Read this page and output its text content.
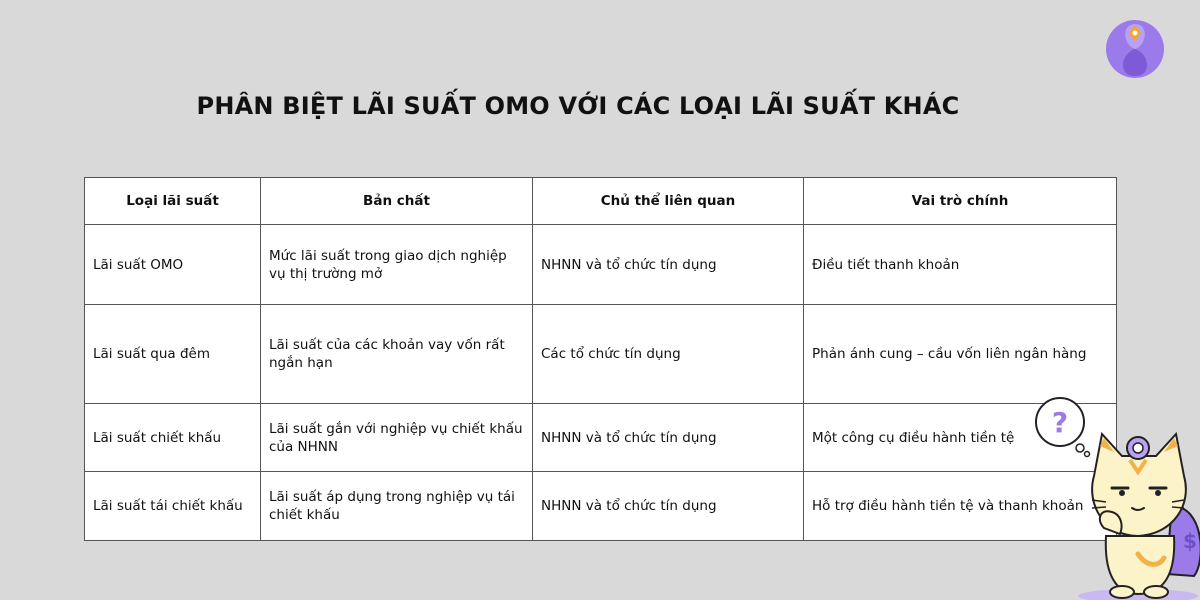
PHÂN BIỆT LÃI SUẤT OMO VỚI CÁC LOẠI LÃI SUẤT KHÁC
Loại lãi suất	Bản chất	Chủ thể liên quan	Vai trò chính
Lãi suất OMO	Mức lãi suất trong giao dịch nghiệp vụ thị trường mở	NHNN và tổ chức tín dụng	Điều tiết thanh khoản
Lãi suất qua đêm	Lãi suất của các khoản vay vốn rất ngắn hạn	Các tổ chức tín dụng	Phản ánh cung – cầu vốn liên ngân hàng
Lãi suất chiết khấu	Lãi suất gắn với nghiệp vụ chiết khấu của NHNN	NHNN và tổ chức tín dụng	Một công cụ điều hành tiền tệ
Lãi suất tái chiết khấu	Lãi suất áp dụng trong nghiệp vụ tái chiết khấu	NHNN và tổ chức tín dụng	Hỗ trợ điều hành tiền tệ và thanh khoản
?
$
